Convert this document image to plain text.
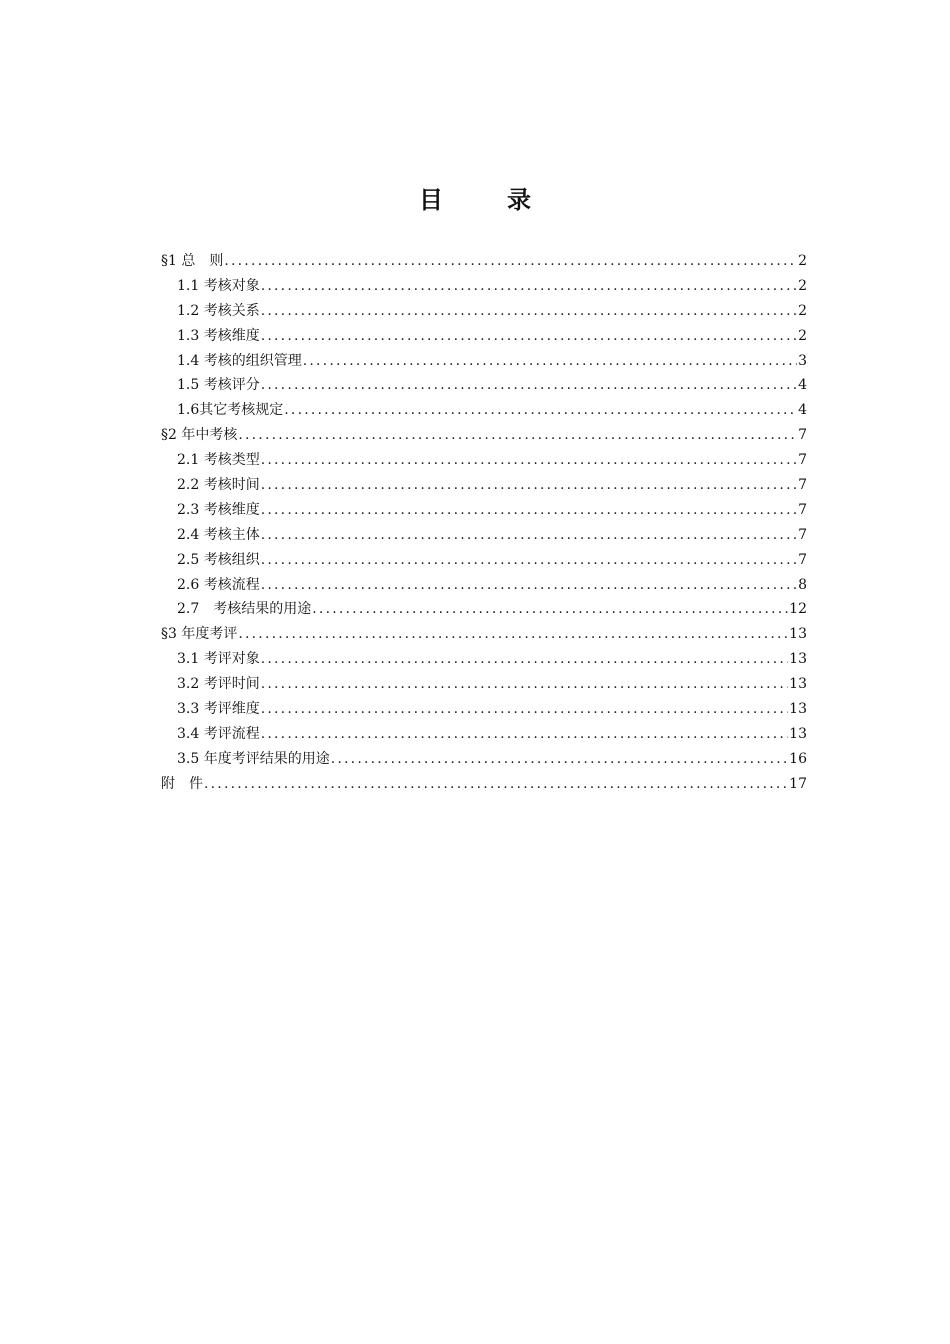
目　录
§1 总　则 .....	2
1.1 考核对象 .....	2
1.2 考核关系 .....	2
1.3 考核维度 .....	2
1.4 考核的组织管理 .....	3
1.5 考核评分 .....	4
1.6其它考核规定 .....	4
§2 年中考核 .....	7
2.1 考核类型 .....	7
2.2 考核时间 .....	7
2.3 考核维度 .....	7
2.4 考核主体 .....	7
2.5 考核组织 .....	7
2.6 考核流程 .....	8
2.7　考核结果的用途 .....	12
§3 年度考评 .....	13
3.1 考评对象 .....	13
3.2 考评时间 .....	13
3.3 考评维度 .....	13
3.4 考评流程 .....	13
3.5 年度考评结果的用途 .....	16
附　件 .....	17
